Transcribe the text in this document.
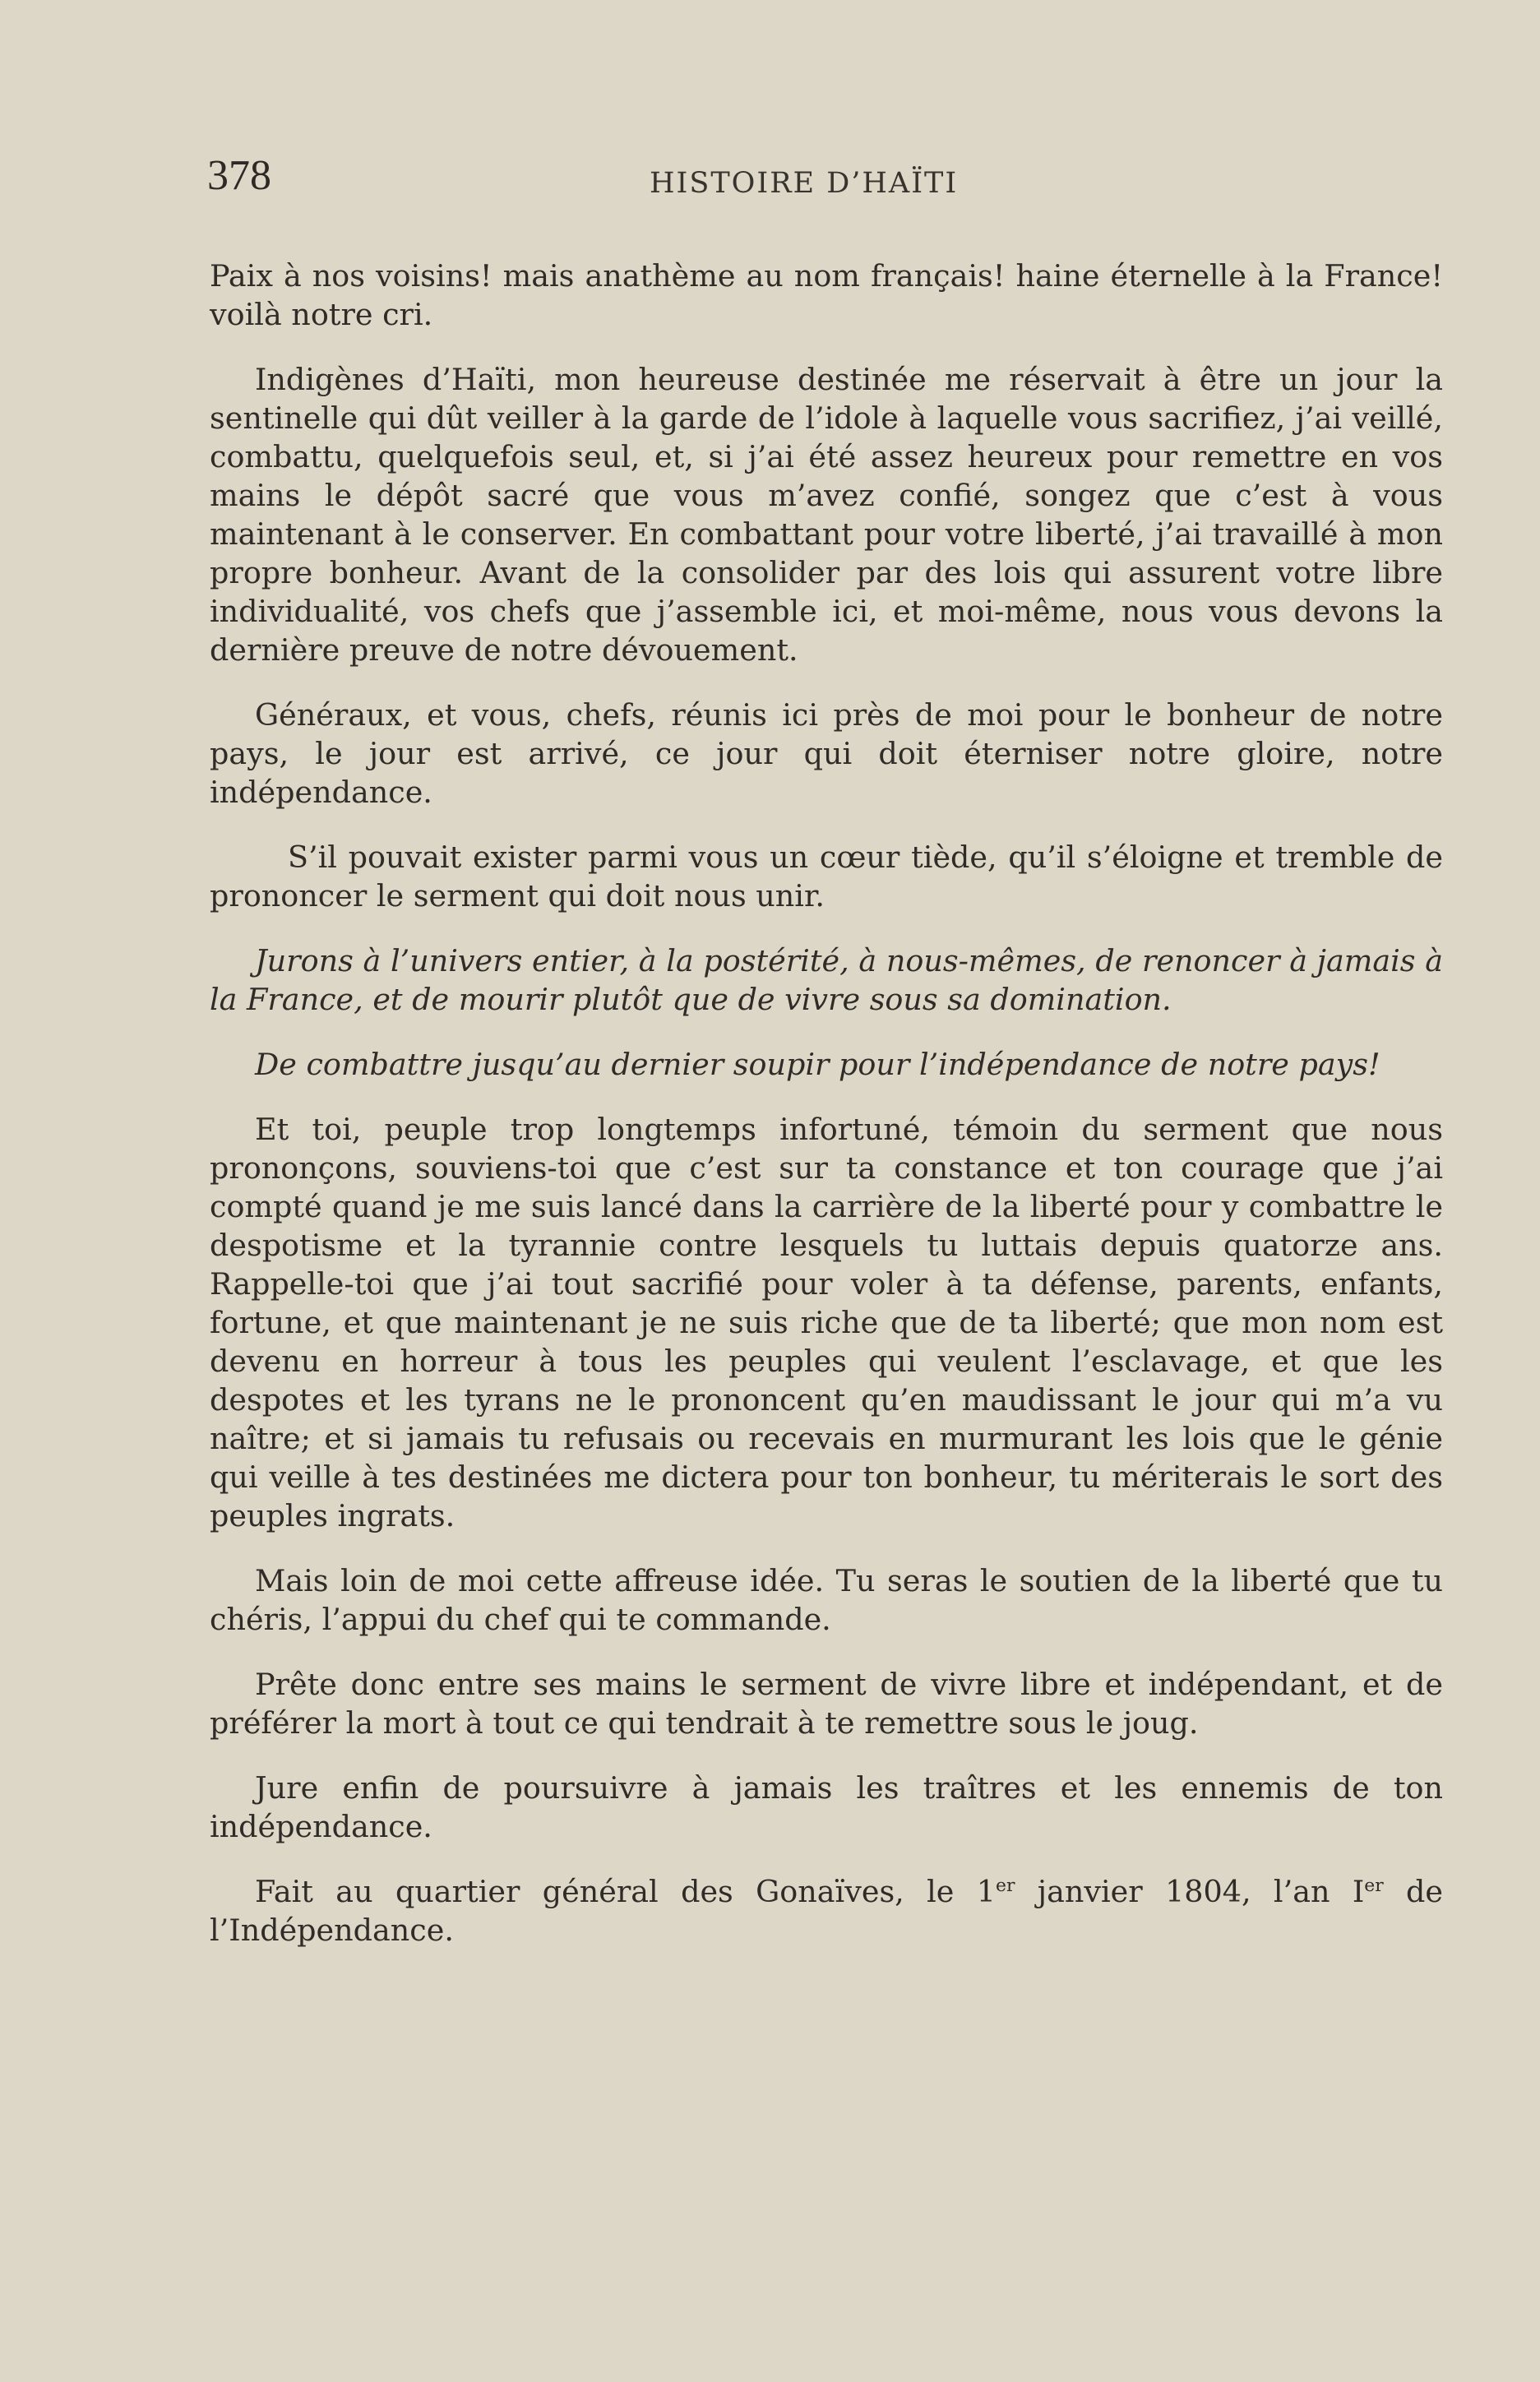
378	HISTOIRE D’HAÏTI

Paix à nos voisins! mais anathème au nom français! haine éternelle à la France! voilà notre cri.

Indigènes d’Haïti, mon heureuse destinée me réservait à être un jour la sentinelle qui dût veiller à la garde de l’idole à laquelle vous sacrifiez, j’ai veillé, combattu, quelquefois seul, et, si j’ai été assez heureux pour remettre en vos mains le dépôt sacré que vous m’avez confié, songez que c’est à vous maintenant à le conserver. En combattant pour votre liberté, j’ai travaillé à mon propre bonheur. Avant de la consolider par des lois qui assurent votre libre individualité, vos chefs que j’assemble ici, et moi-même, nous vous devons la dernière preuve de notre dévouement.

Généraux, et vous, chefs, réunis ici près de moi pour le bonheur de notre pays, le jour est arrivé, ce jour qui doit éterniser notre gloire, notre indépendance.

S’il pouvait exister parmi vous un cœur tiède, qu’il s’éloigne et tremble de prononcer le serment qui doit nous unir.

Jurons à l’univers entier, à la postérité, à nous-mêmes, de renoncer à jamais à la France, et de mourir plutôt que de vivre sous sa domination.

De combattre jusqu’au dernier soupir pour l’indépendance de notre pays!

Et toi, peuple trop longtemps infortuné, témoin du serment que nous prononçons, souviens-toi que c’est sur ta constance et ton courage que j’ai compté quand je me suis lancé dans la carrière de la liberté pour y combattre le despotisme et la tyrannie contre lesquels tu luttais depuis quatorze ans. Rappelle-toi que j’ai tout sacrifié pour voler à ta défense, parents, enfants, fortune, et que maintenant je ne suis riche que de ta liberté; que mon nom est devenu en horreur à tous les peuples qui veulent l’esclavage, et que les despotes et les tyrans ne le prononcent qu’en maudissant le jour qui m’a vu naître; et si jamais tu refusais ou recevais en murmurant les lois que le génie qui veille à tes destinées me dictera pour ton bonheur, tu mériterais le sort des peuples ingrats.

Mais loin de moi cette affreuse idée. Tu seras le soutien de la liberté que tu chéris, l’appui du chef qui te commande.

Prête donc entre ses mains le serment de vivre libre et indépendant, et de préférer la mort à tout ce qui tendrait à te remettre sous le joug.

Jure enfin de poursuivre à jamais les traîtres et les ennemis de ton indépendance.

Fait au quartier général des Gonaïves, le 1er janvier 1804, l’an Ier de l’Indépendance.
